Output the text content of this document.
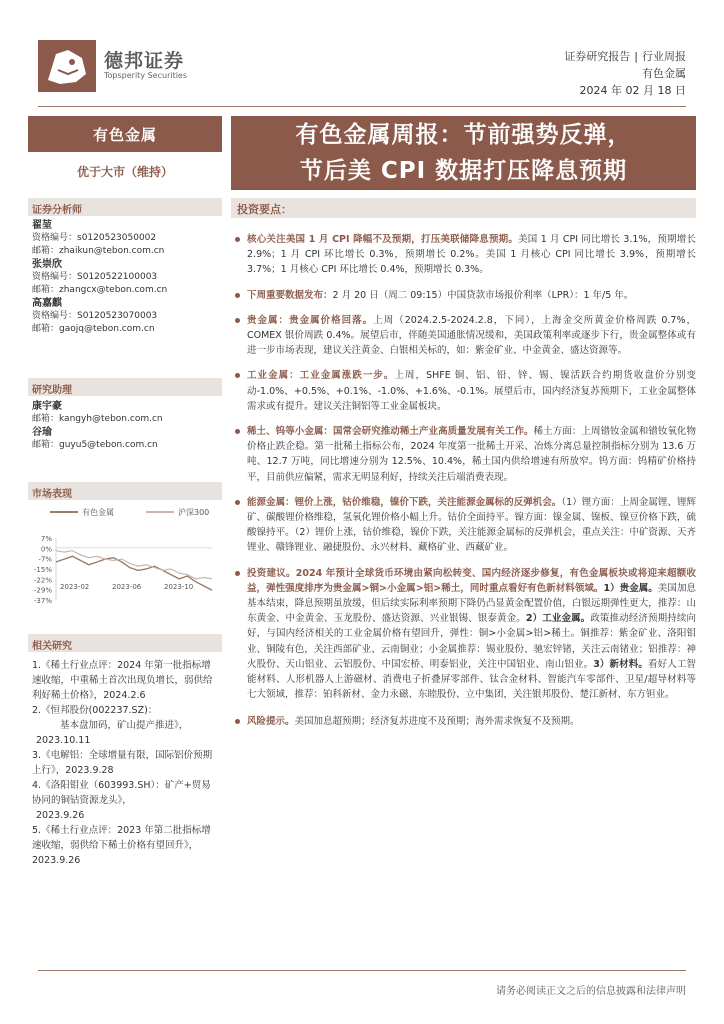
德邦证券
Topsperity Securities
证券研究报告 | 行业周报
有色金属
2024 年 02 月 18 日
有色金属
优于大市（维持）
有色金属周报：节前强势反弹，
节后美 CPI 数据打压降息预期
证券分析师
翟堃
资格编号：s0120523050002
邮箱：zhaikun@tebon.com.cn
张崇欣
资格编号：S0120522100003
邮箱：zhangcx@tebon.com.cn
高嘉麒
资格编号：S0120523070003
邮箱：gaojq@tebon.com.cn
研究助理
康宇豪
邮箱：kangyh@tebon.com.cn
谷瑜
邮箱：guyu5@tebon.com.cn
市场表现
有色金属	沪深300
7%
0%
-7%
-15%
-22%
-29%
-37%
2023-02	2023-06	2023-10
相关研究
1.《稀土行业点评：2024 年第一批指标增速收缩，中重稀土首次出现负增长，弱供给利好稀土价格》，2024.2.6
2.《恒邦股份(002237.SZ)：
基本盘加码，矿山提产推进》，
2023.10.11
3.《电解铝：全球增量有限，国际铝价预期上行》，2023.9.28
4.《洛阳钼业（603993.SH）：矿产+贸易协同的铜钴资源龙头》，
2023.9.26
5.《稀土行业点评：2023 年第二批指标增速收缩，弱供给下稀土价格有望回升》，2023.9.26
投资要点：
核心关注美国 1 月 CPI 降幅不及预期，打压美联储降息预期。美国 1 月 CPI 同比增长 3.1%，预期增长 2.9%；1 月 CPI 环比增长 0.3%，预期增长 0.2%。美国 1 月核心 CPI 同比增长 3.9%，预期增长 3.7%；1 月核心 CPI 环比增长 0.4%，预期增长 0.3%。
下周重要数据发布：2 月 20 日（周二 09:15）中国贷款市场报价利率（LPR）：1 年/5 年。
贵金属：贵金属价格回落。上周（2024.2.5-2024.2.8，下同），上海金交所黄金价格周跌 0.7%，COMEX 银价周跌 0.4%。展望后市，伴随美国通胀情况缓和，美国政策利率或逐步下行，贵金属整体或有进一步市场表现，建议关注黄金、白银相关标的，如：紫金矿业、中金黄金、盛达资源等。
工业金属：工业金属涨跌一步。上周，SHFE 铜、铝、铅、锌、锡、镍活跃合约期货收盘价分别变动-1.0%、+0.5%、+0.1%、-1.0%、+1.6%、-0.1%。展望后市，国内经济复苏预期下，工业金属整体需求或有提升。建议关注铜铝等工业金属板块。
稀土、钨等小金属：国常会研究推动稀土产业高质量发展有关工作。稀土方面：上周镨钕金属和镨钕氧化物价格止跌企稳。第一批稀土指标公布，2024 年度第一批稀土开采、冶炼分离总量控制指标分别为 13.6 万吨、12.7 万吨，同比增速分别为 12.5%、10.4%，稀土国内供给增速有所放窄。钨方面：钨精矿价格持平，目前供应偏紧，需求无明显利好，持续关注后端消费表现。
能源金属：锂价上涨，钴价维稳，镍价下跌，关注能源金属标的反弹机会。（1）锂方面：上周金属锂、锂辉矿、碳酸锂价格维稳，氢氧化锂价格小幅上升。钴价全面持平。镍方面：镍金属、镍板、镍豆价格下跌，硫酸镍持平。（2）锂价上涨，钴价维稳，镍价下跌，关注能源金属标的反弹机会，重点关注：中矿资源、天齐锂业、赣锋锂业、融捷股份、永兴材料、藏格矿业、西藏矿业。
投资建议。2024 年预计全球货币环境由紧向松转变、国内经济逐步修复，有色金属板块或将迎来超额收益，弹性强度排序为贵金属>铜>小金属>铝>稀土，同时重点看好有色新材料领域。1）贵金属。美国加息基本结束，降息预期虽放缓，但后续实际利率预期下降仍凸显黄金配置价值，白银远期弹性更大，推荐：山东黄金、中金黄金、玉龙股份、盛达资源、兴业银锡、银泰黄金。2）工业金属。政策推动经济预期持续向好，与国内经济相关的工业金属价格有望回升，弹性：铜>小金属>铝>稀土。铜推荐：紫金矿业、洛阳钼业、铜陵有色，关注西部矿业、云南铜业；小金属推荐：锡业股份、驰宏锌锗，关注云南锗业；铝推荐：神火股份、天山铝业、云铝股份、中国宏桥、明泰铝业，关注中国铝业、南山铝业。3）新材料。看好人工智能材料、人形机器人上游磁材、消费电子折叠屏零部件、钛合金材料、智能汽车零部件、卫星/超导材料等七大领域，推荐：铂科新材、金力永磁、东睦股份、立中集团，关注银邦股份、楚江新材、东方钽业。
风险提示。美国加息超预期；经济复苏进度不及预期；海外需求恢复不及预期。
请务必阅读正文之后的信息披露和法律声明
